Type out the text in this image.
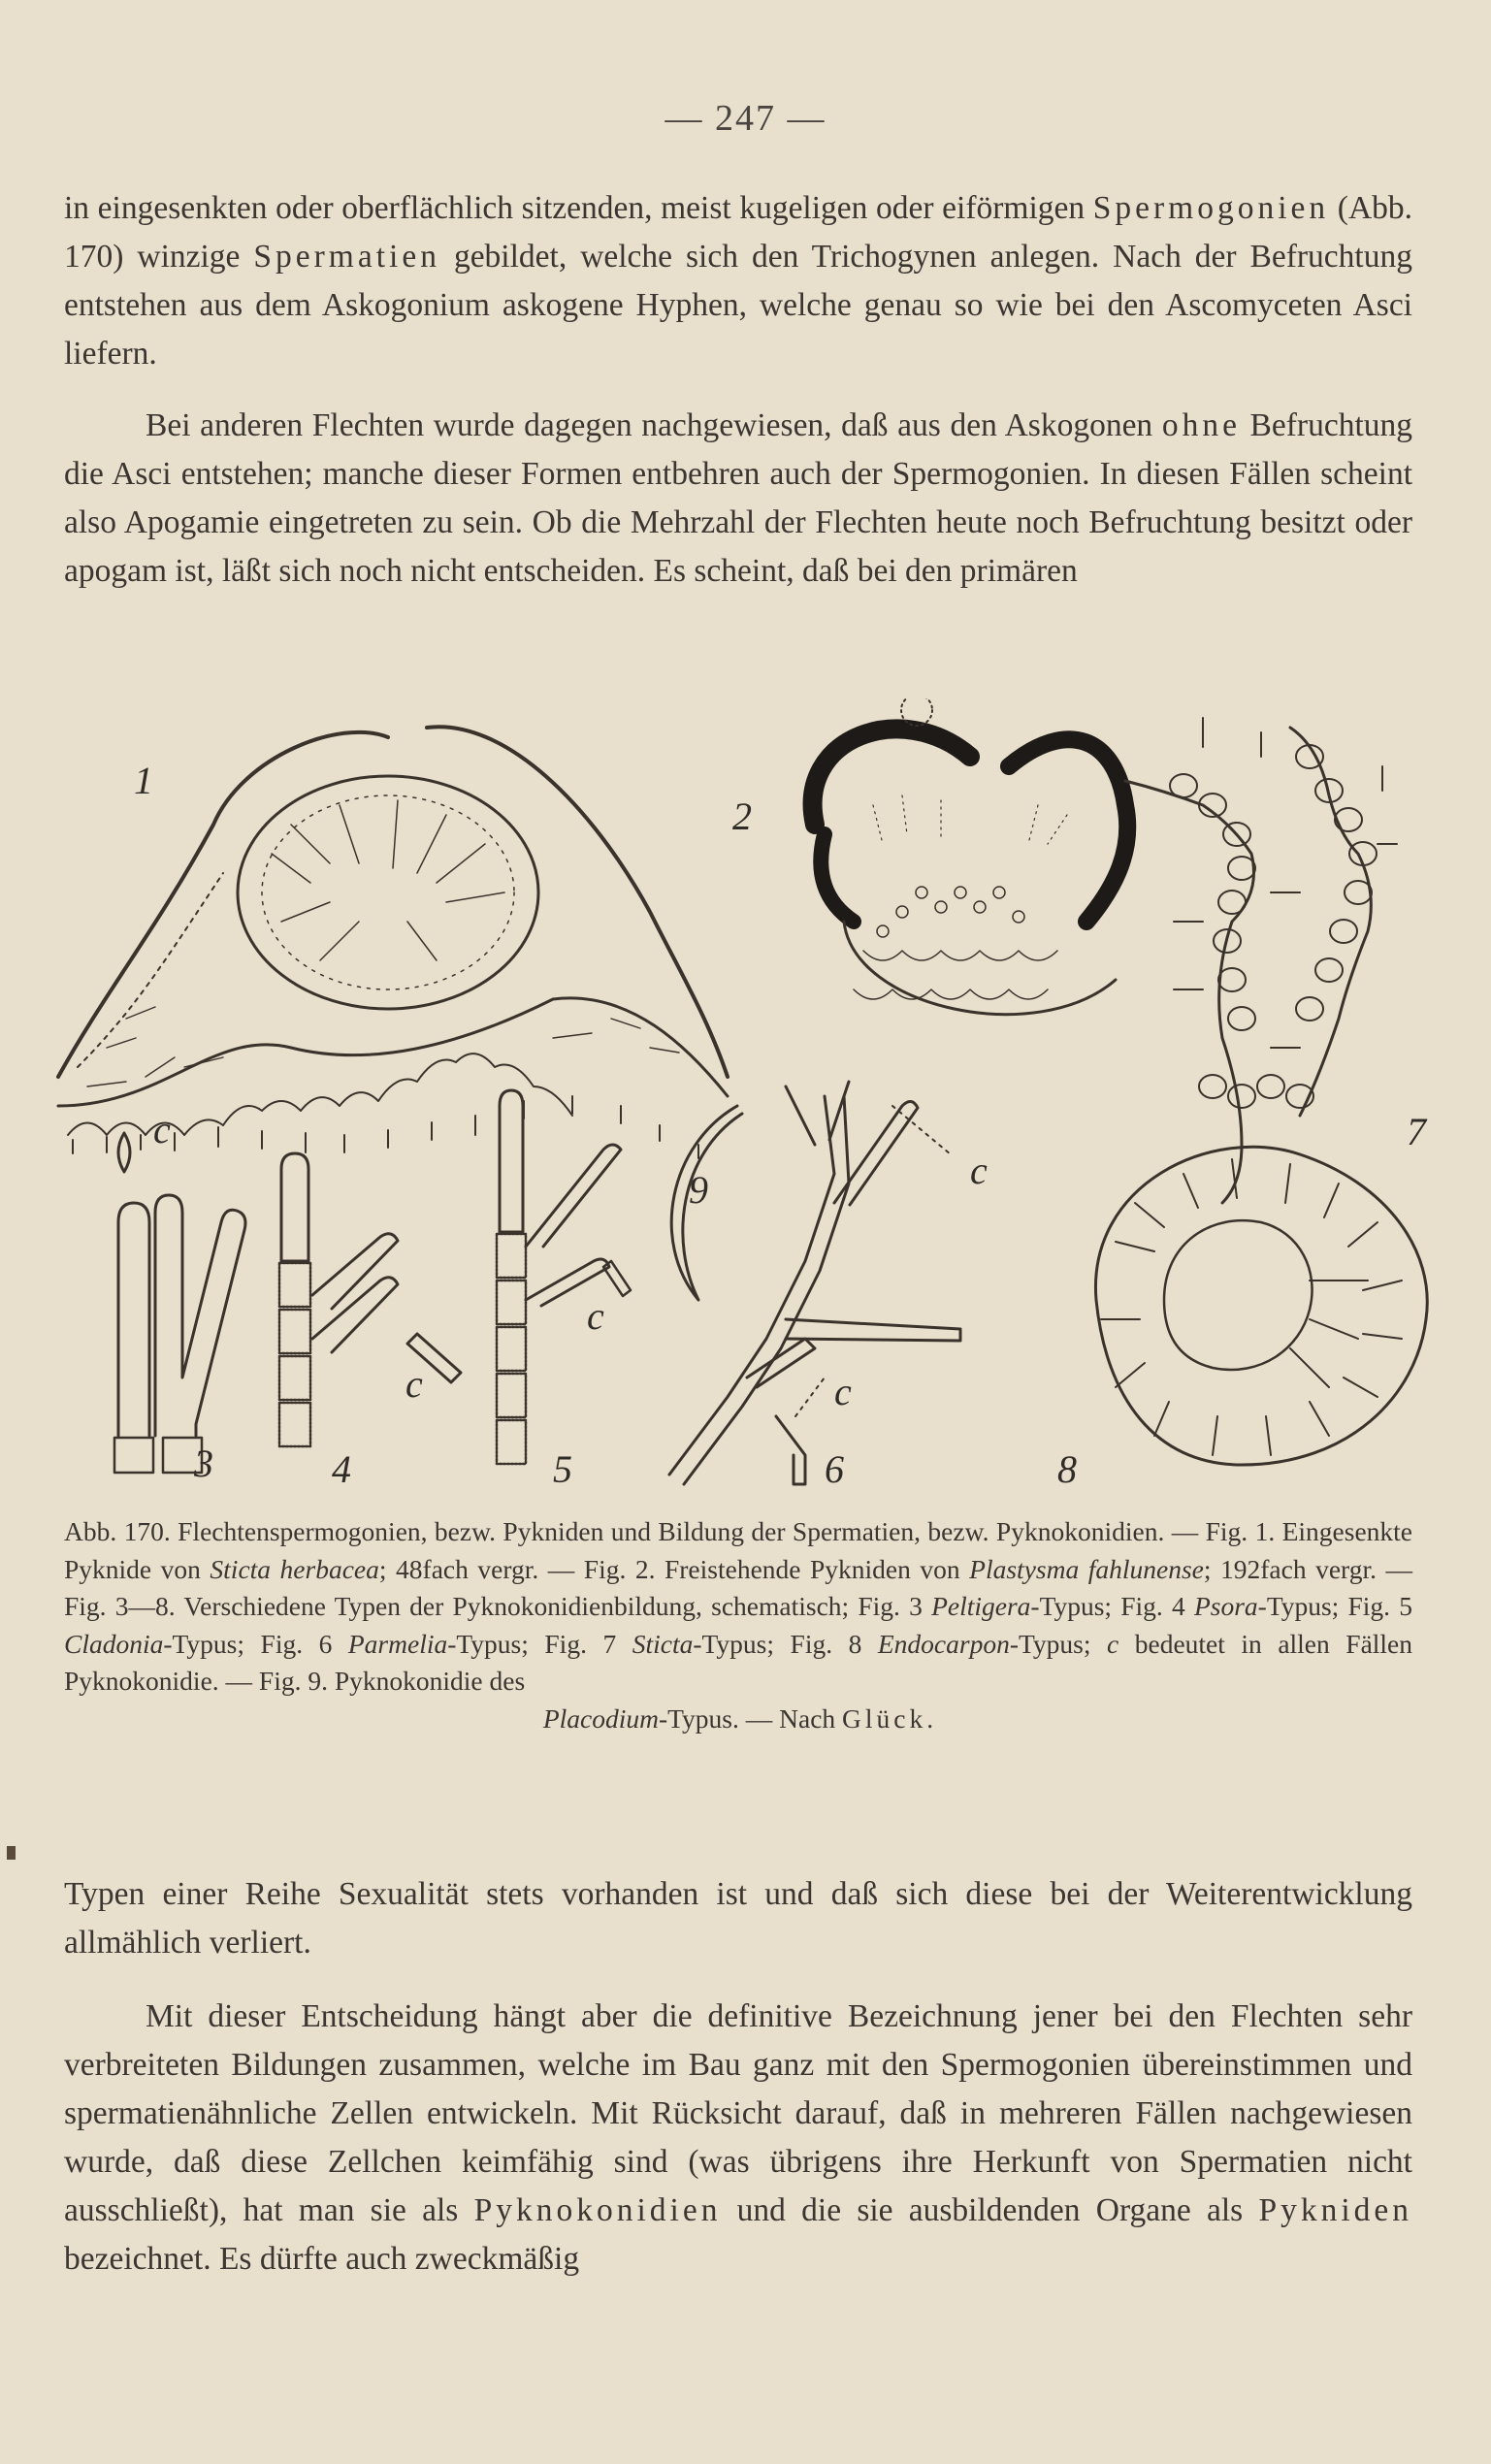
— 247 —

in eingesenkten oder oberflächlich sitzenden, meist kugeligen oder eiförmigen Spermogonien (Abb. 170) winzige Spermatien gebildet, welche sich den Trichogynen anlegen. Nach der Befruchtung entstehen aus dem Askogonium askogene Hyphen, welche genau so wie bei den Ascomyceten Asci liefern.

Bei anderen Flechten wurde dagegen nachgewiesen, daß aus den Askogonen ohne Befruchtung die Asci entstehen; manche dieser Formen entbehren auch der Spermogonien. In diesen Fällen scheint also Apogamie eingetreten zu sein. Ob die Mehrzahl der Flechten heute noch Befruchtung besitzt oder apogam ist, läßt sich noch nicht entscheiden. Es scheint, daß bei den primären

1
2
3	4	5	6
7
8
9
c
c
c
c
c

Abb. 170. Flechtenspermogonien, bezw. Pykniden und Bildung der Spermatien, bezw. Pyknokonidien. — Fig. 1. Eingesenkte Pyknide von Sticta herbacea; 48fach vergr. — Fig. 2. Freistehende Pykniden von Plastysma fahlunense; 192fach vergr. — Fig. 3—8. Verschiedene Typen der Pyknokonidienbildung, schematisch; Fig. 3 Peltigera-Typus; Fig. 4 Psora-Typus; Fig. 5 Cladonia-Typus; Fig. 6 Parmelia-Typus; Fig. 7 Sticta-Typus; Fig. 8 Endocarpon-Typus; c bedeutet in allen Fällen Pyknokonidie. — Fig. 9. Pyknokonidie des
Placodium-Typus. — Nach Glück.

Typen einer Reihe Sexualität stets vorhanden ist und daß sich diese bei der Weiterentwicklung allmählich verliert.

Mit dieser Entscheidung hängt aber die definitive Bezeichnung jener bei den Flechten sehr verbreiteten Bildungen zusammen, welche im Bau ganz mit den Spermogonien übereinstimmen und spermatienähnliche Zellen entwickeln. Mit Rücksicht darauf, daß in mehreren Fällen nachgewiesen wurde, daß diese Zellchen keimfähig sind (was übrigens ihre Herkunft von Spermatien nicht ausschließt), hat man sie als Pyknokonidien und die sie ausbildenden Organe als Pykniden bezeichnet. Es dürfte auch zweckmäßig
